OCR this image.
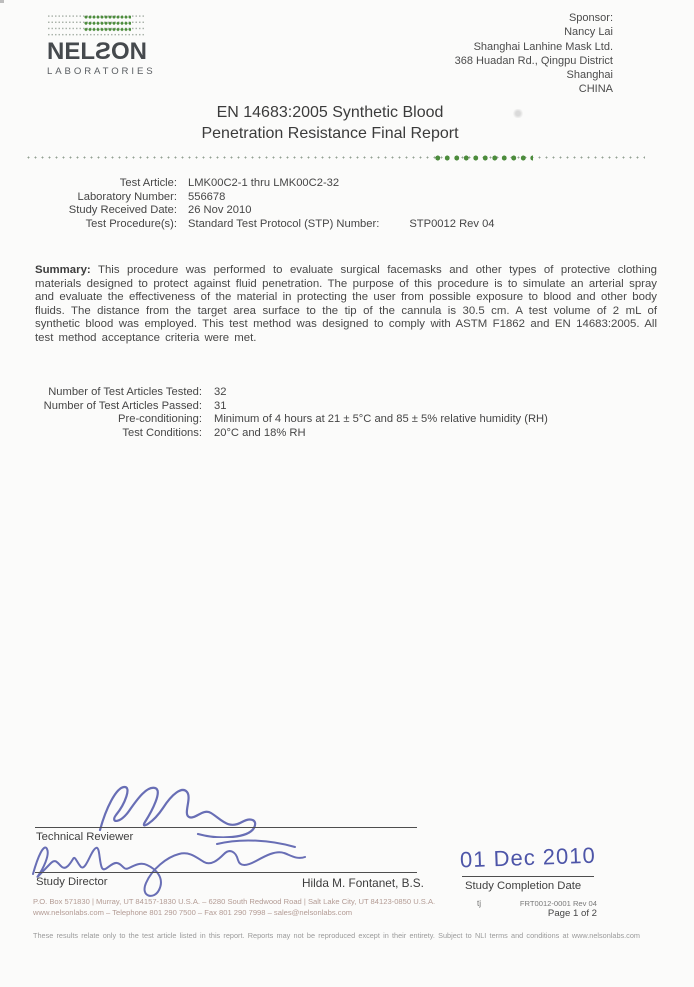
NELSON
LABORATORIES
Sponsor:
Nancy Lai
Shanghai Lanhine Mask Ltd.
368 Huadan Rd., Qingpu District
Shanghai
CHINA
EN 14683:2005 Synthetic Blood
Penetration Resistance Final Report
Test Article: LMK00C2-1 thru LMK00C2-32
Laboratory Number: 556678
Study Received Date: 26 Nov 2010
Test Procedure(s): Standard Test Protocol (STP) Number:	STP0012 Rev 04
Summary: This procedure was performed to evaluate surgical facemasks and other types of protective clothing materials designed to protect against fluid penetration. The purpose of this procedure is to simulate an arterial spray and evaluate the effectiveness of the material in protecting the user from possible exposure to blood and other body fluids. The distance from the target area surface to the tip of the cannula is 30.5 cm. A test volume of 2 mL of synthetic blood was employed. This test method was designed to comply with ASTM F1862 and EN 14683:2005. All test method acceptance criteria were met.
Number of Test Articles Tested: 32
Number of Test Articles Passed: 31
Pre-conditioning: Minimum of 4 hours at 21 ± 5°C and 85 ± 5% relative humidity (RH)
Test Conditions: 20°C and 18% RH
Technical Reviewer
Study Director	Hilda M. Fontanet, B.S.
01 Dec 2010
Study Completion Date
tj	FRT0012-0001 Rev 04
Page 1 of 2
P.O. Box 571830 | Murray, UT 84157-1830 U.S.A. – 6280 South Redwood Road | Salt Lake City, UT 84123-0850 U.S.A.
www.nelsonlabs.com – Telephone 801 290 7500 – Fax 801 290 7998 – sales@nelsonlabs.com
These results relate only to the test article listed in this report. Reports may not be reproduced except in their entirety. Subject to NLI terms and conditions at www.nelsonlabs.com
